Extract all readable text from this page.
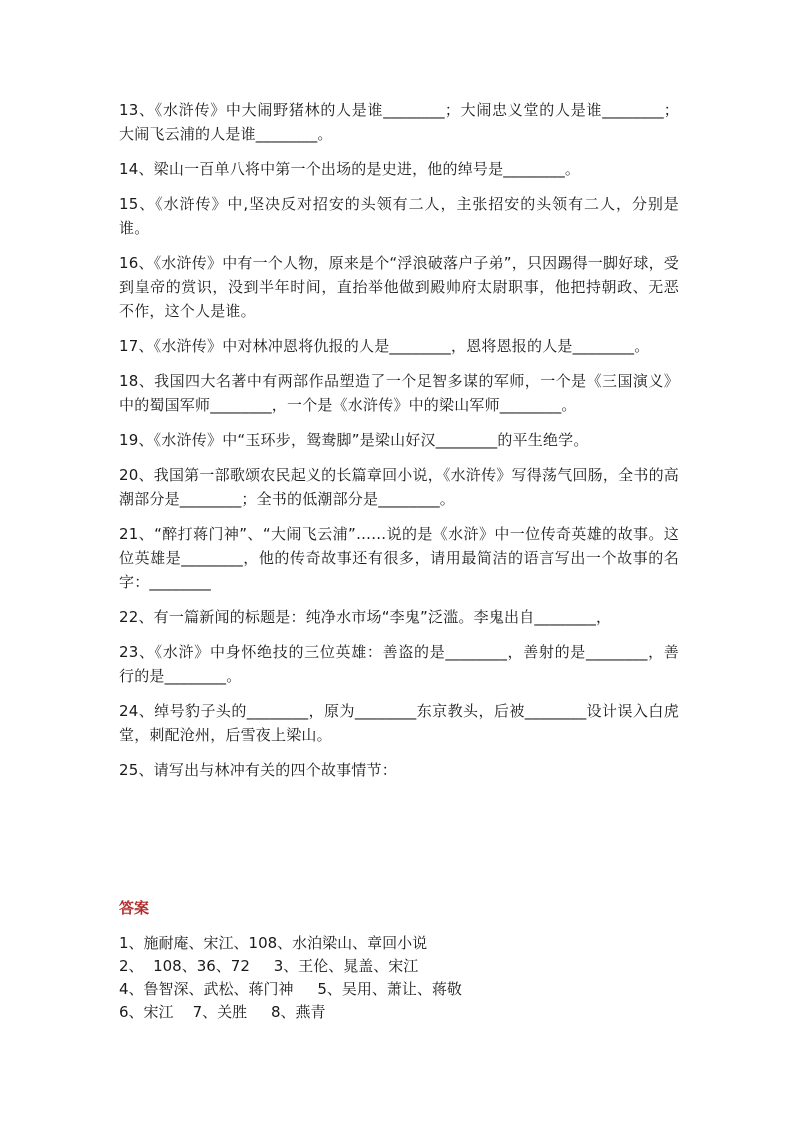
13、《水浒传》中大闹野猪林的人是谁________；大闹忠义堂的人是谁________；大闹飞云浦的人是谁________。

14、梁山一百单八将中第一个出场的是史进，他的绰号是________。

15、《水浒传》中,坚决反对招安的头领有二人，主张招安的头领有二人，分别是谁。

16、《水浒传》中有一个人物，原来是个“浮浪破落户子弟”，只因踢得一脚好球，受到皇帝的赏识，没到半年时间，直抬举他做到殿帅府太尉职事，他把持朝政、无恶不作，这个人是谁。

17、《水浒传》中对林冲恩将仇报的人是________，恩将恩报的人是________。

18、我国四大名著中有两部作品塑造了一个足智多谋的军师，一个是《三国演义》中的蜀国军师________，一个是《水浒传》中的梁山军师________。

19、《水浒传》中“玉环步，鸳鸯脚”是梁山好汉________的平生绝学。

20、我国第一部歌颂农民起义的长篇章回小说，《水浒传》写得荡气回肠，全书的高潮部分是________；全书的低潮部分是________。

21、“醉打蒋门神”、“大闹飞云浦”……说的是《水浒》中一位传奇英雄的故事。这位英雄是________，他的传奇故事还有很多，请用最简洁的语言写出一个故事的名字：________

22、有一篇新闻的标题是：纯净水市场“李鬼”泛滥。李鬼出自________，

23、《水浒》中身怀绝技的三位英雄：善盗的是________，善射的是________，善行的是________。

24、绰号豹子头的________，原为________东京教头，后被________设计误入白虎堂，刺配沧州，后雪夜上梁山。

25、请写出与林冲有关的四个故事情节：

答案

1、施耐庵、宋江、108、水泊梁山、章回小说

2、  108、36、72     3、王伦、晁盖、宋江

4、鲁智深、武松、蒋门神     5、吴用、萧让、蒋敬

6、宋江    7、关胜     8、燕青
